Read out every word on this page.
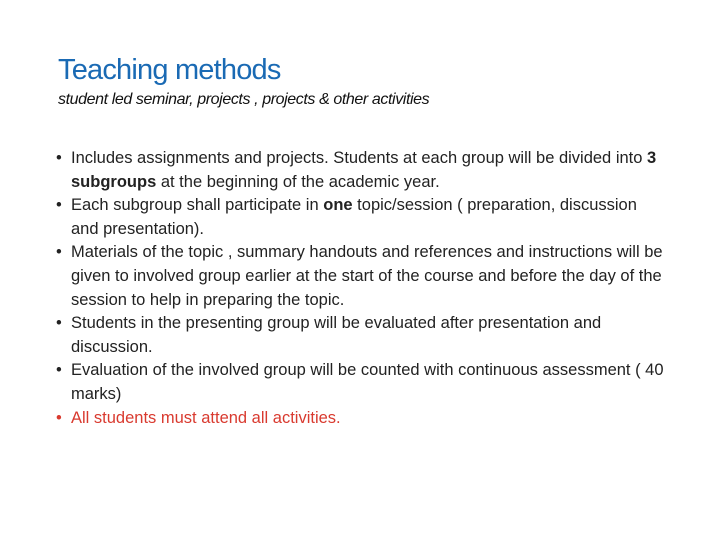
Teaching methods
student led seminar, projects , projects & other activities
• Includes assignments and projects. Students at each group will be divided into 3 subgroups at the beginning of the academic year.
• Each subgroup shall participate in one topic/session ( preparation, discussion and presentation).
• Materials of the topic , summary handouts and references and instructions will be given to involved group earlier at the start of the course and before the day of the session to help in preparing the topic.
• Students in the presenting group will be evaluated after presentation and discussion.
• Evaluation of the involved group will be counted with continuous assessment ( 40 marks)
• All students must attend all activities.
